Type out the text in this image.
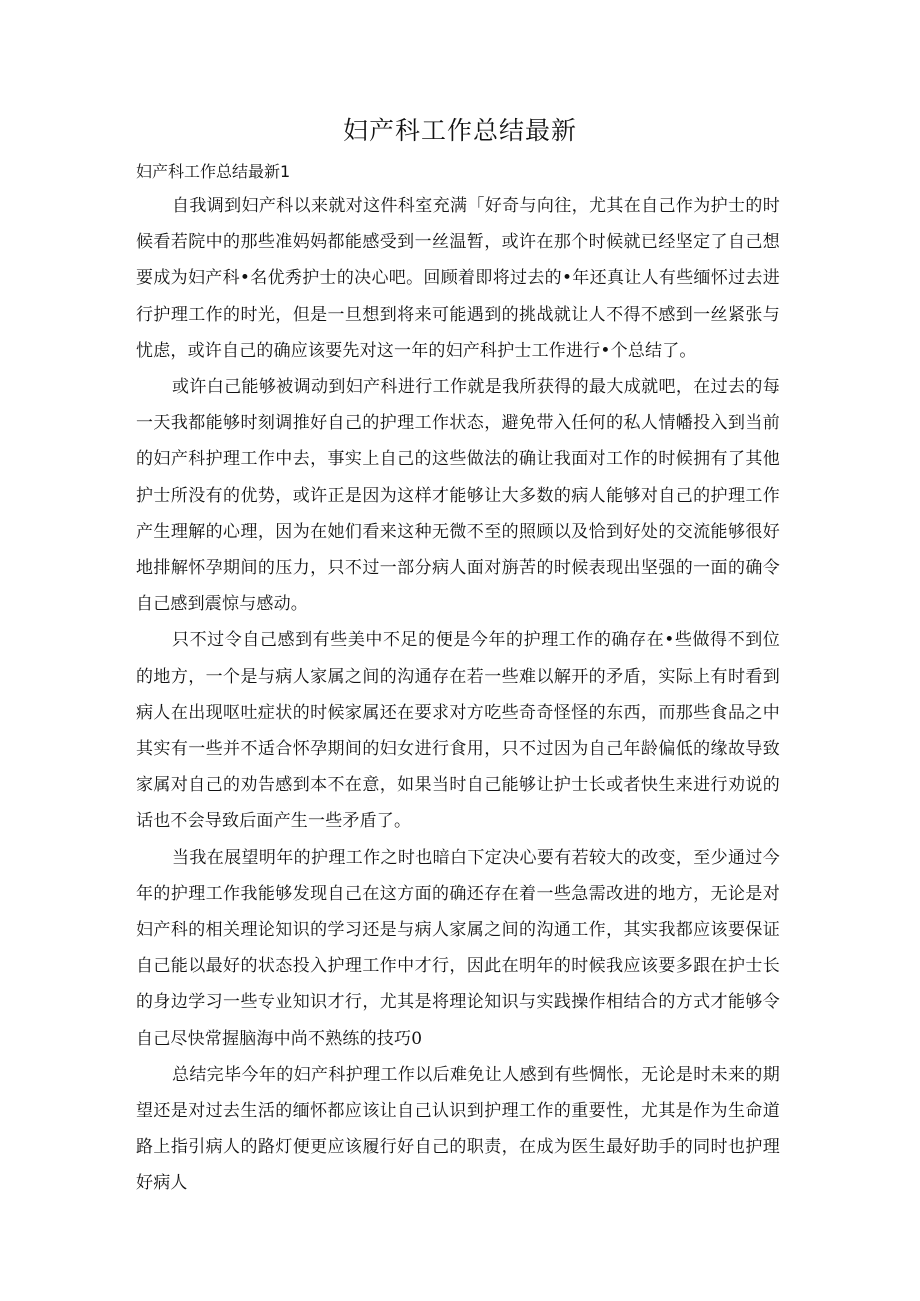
妇产科工作总结最新
妇产科工作总结最新1

自我调到妇产科以来就对这件科室充满「好奇与向往，尤其在自己作为护士的时候看若院中的那些准妈妈都能感受到一丝温暂，或许在那个时候就已经坚定了自己想要成为妇产科•名优秀护士的决心吧。回顾着即将过去的•年还真让人有些缅怀过去进行护理工作的时光，但是一旦想到将来可能遇到的挑战就让人不得不感到一丝紧张与忧虑，或许自己的确应该要先对这一年的妇产科护士工作进行•个总结了。

或许白己能够被调动到妇产科进行工作就是我所获得的最大成就吧，在过去的每一天我都能够时刻调推好自己的护理工作状态，避免带入任何的私人情幡投入到当前的妇产科护理工作中去，事实上自己的这些做法的确让我面对工作的时候拥有了其他护士所没有的优势，或许正是因为这样才能够让大多数的病人能够对自己的护理工作产生理解的心理，因为在她们看来这种无微不至的照顾以及恰到好处的交流能够很好地排解怀孕期间的压力，只不过一部分病人面对旃苦的时候表现出坚强的一面的确令自己感到震惊与感动。

只不过令自己感到有些美中不足的便是今年的护理工作的确存在•些做得不到位的地方，一个是与病人家属之间的沟通存在若一些难以解开的矛盾，实际上有时看到病人在出现呕吐症状的时候家属还在要求对方吃些奇奇怪怪的东西，而那些食品之中其实有一些并不适合怀孕期间的妇女进行食用，只不过因为自己年龄偏低的缘故导致家属对自己的劝告感到本不在意，如果当时自己能够让护士长或者快生来进行劝说的话也不会导致后面产生一些矛盾了。

当我在展望明年的护理工作之时也暗白下定决心要有若较大的改变，至少通过今年的护理工作我能够发现自己在这方面的确还存在着一些急需改进的地方，无论是对妇产科的相关理论知识的学习还是与病人家属之间的沟通工作，其实我都应该要保证自己能以最好的状态投入护理工作中才行，因此在明年的时候我应该要多跟在护士长的身边学习一些专业知识才行，尤其是将理论知识与实践操作相结合的方式才能够令自己尽快常握脑海中尚不熟练的技巧0

总结完毕今年的妇产科护理工作以后难免让人感到有些惆怅，无论是时未来的期望还是对过去生活的缅怀都应该让自己认识到护理工作的重要性，尤其是作为生命道路上指引病人的路灯便更应该履行好自己的职责，在成为医生最好助手的同时也护理好病人
